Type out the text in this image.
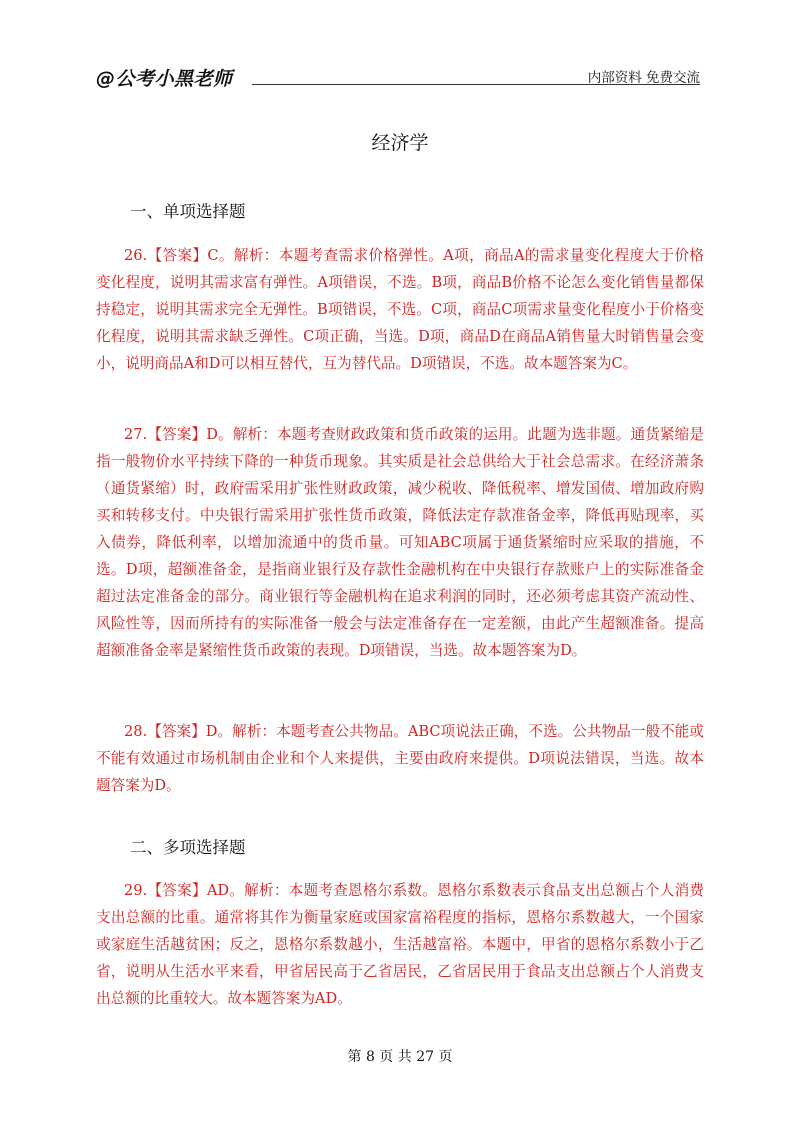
@公考小黑老师	内部资料 免费交流
经济学
一、单项选择题
26.【答案】C。解析：本题考查需求价格弹性。A项，商品A的需求量变化程度大于价格变化程度，说明其需求富有弹性。A项错误，不选。B项，商品B价格不论怎么变化销售量都保持稳定，说明其需求完全无弹性。B项错误，不选。C项，商品C项需求量变化程度小于价格变化程度，说明其需求缺乏弹性。C项正确，当选。D项，商品D在商品A销售量大时销售量会变小，说明商品A和D可以相互替代，互为替代品。D项错误，不选。故本题答案为C。
27.【答案】D。解析：本题考查财政政策和货币政策的运用。此题为选非题。通货紧缩是指一般物价水平持续下降的一种货币现象。其实质是社会总供给大于社会总需求。在经济萧条（通货紧缩）时，政府需采用扩张性财政政策，减少税收、降低税率、增发国债、增加政府购买和转移支付。中央银行需采用扩张性货币政策，降低法定存款准备金率，降低再贴现率，买入债券，降低利率，以增加流通中的货币量。可知ABC项属于通货紧缩时应采取的措施，不选。D项，超额准备金，是指商业银行及存款性金融机构在中央银行存款账户上的实际准备金超过法定准备金的部分。商业银行等金融机构在追求利润的同时，还必须考虑其资产流动性、风险性等，因而所持有的实际准备一般会与法定准备存在一定差额，由此产生超额准备。提高超额准备金率是紧缩性货币政策的表现。D项错误，当选。故本题答案为D。
28.【答案】D。解析：本题考查公共物品。ABC项说法正确，不选。公共物品一般不能或不能有效通过市场机制由企业和个人来提供，主要由政府来提供。D项说法错误，当选。故本题答案为D。
二、多项选择题
29.【答案】AD。解析：本题考查恩格尔系数。恩格尔系数表示食品支出总额占个人消费支出总额的比重。通常将其作为衡量家庭或国家富裕程度的指标，恩格尔系数越大，一个国家或家庭生活越贫困；反之，恩格尔系数越小，生活越富裕。本题中，甲省的恩格尔系数小于乙省，说明从生活水平来看，甲省居民高于乙省居民，乙省居民用于食品支出总额占个人消费支出总额的比重较大。故本题答案为AD。
第 8 页 共 27 页
